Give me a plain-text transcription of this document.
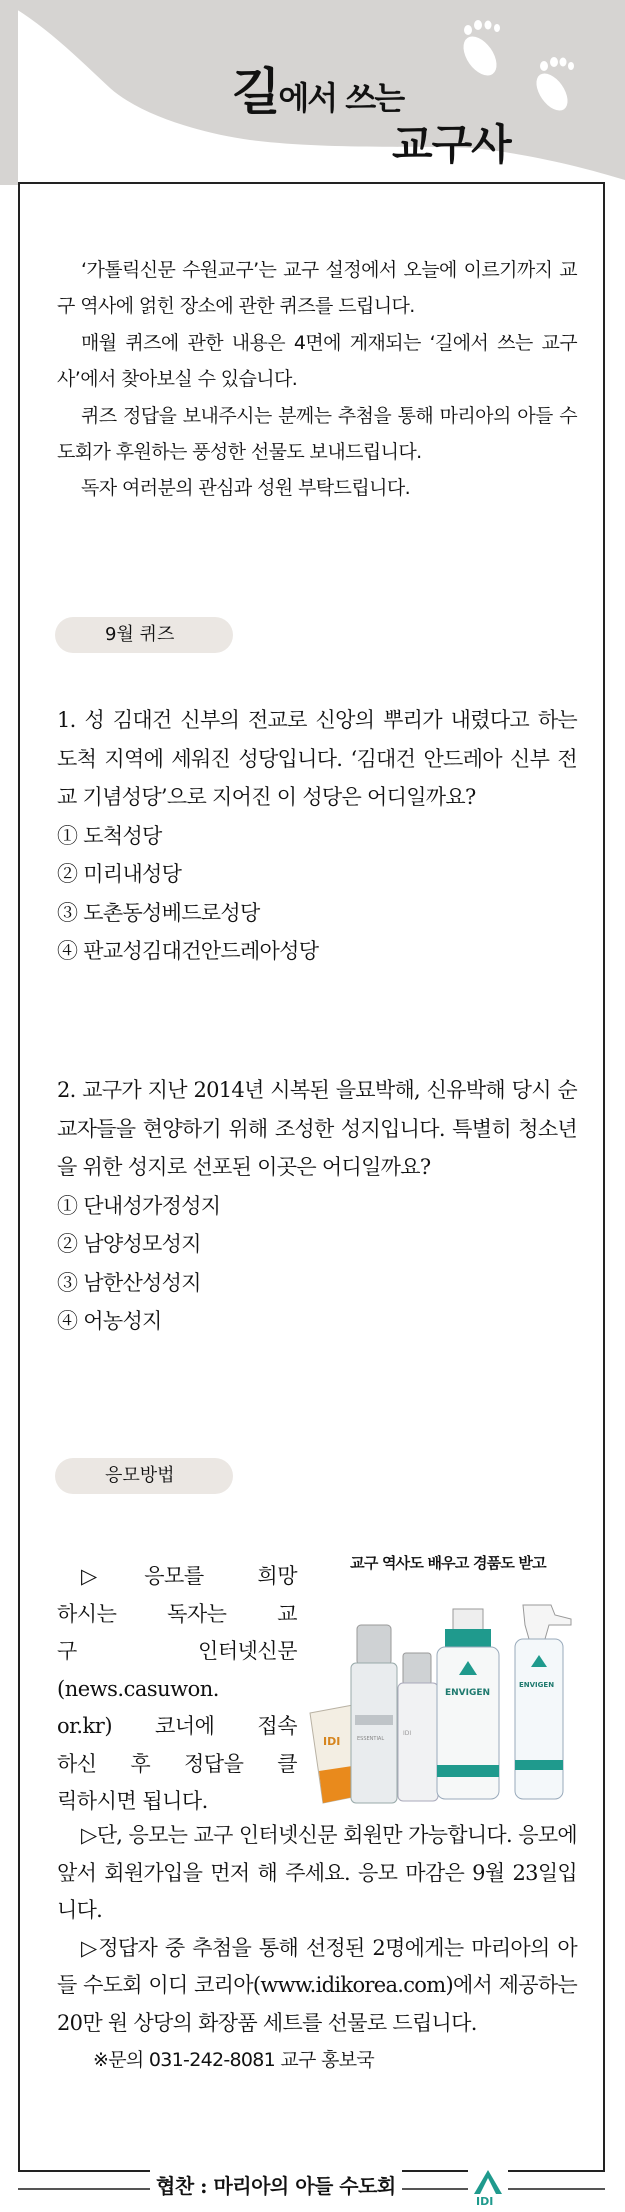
길에서 쓰는
교구사

‘가톨릭신문 수원교구’는 교구 설정에서 오늘에 이르기까지 교구 역사에 얽힌 장소에 관한 퀴즈를 드립니다.

매월 퀴즈에 관한 내용은 4면에 게재되는 ‘길에서 쓰는 교구사’에서 찾아보실 수 있습니다.

퀴즈 정답을 보내주시는 분께는 추첨을 통해 마리아의 아들 수도회가 후원하는 풍성한 선물도 보내드립니다.

독자 여러분의 관심과 성원 부탁드립니다.

9월 퀴즈

1. 성 김대건 신부의 전교로 신앙의 뿌리가 내렸다고 하는 도척 지역에 세워진 성당입니다. ‘김대건 안드레아 신부 전교 기념성당’으로 지어진 이 성당은 어디일까요?

① 도척성당

② 미리내성당

③ 도촌동성베드로성당

④ 판교성김대건안드레아성당

2. 교구가 지난 2014년 시복된 을묘박해, 신유박해 당시 순교자들을 현양하기 위해 조성한 성지입니다. 특별히 청소년을 위한 성지로 선포된 이곳은 어디일까요?

① 단내성가정성지

② 남양성모성지

③ 남한산성성지

④ 어농성지

응모방법

▷응모를 희망

하시는 독자는 교

구 인터넷신문

(news.casuwon.

or.kr) 코너에 접속

하신 후 정답을 클

릭하시면 됩니다.

교구 역사도 배우고 경품도 받고
IDI	ESSENTIAL
IDI
ENVIGEN
ENVIGEN

▷단, 응모는 교구 인터넷신문 회원만 가능합니다. 응모에 앞서 회원가입을 먼저 해 주세요. 응모 마감은 9월 23일입니다.

▷정답자 중 추첨을 통해 선정된 2명에게는 마리아의 아들 수도회 이디 코리아(www.idikorea.com)에서 제공하는 20만 원 상당의 화장품 세트를 선물로 드립니다.

※문의 031-242-8081 교구 홍보국

협찬 : 마리아의 아들 수도회
IDI
